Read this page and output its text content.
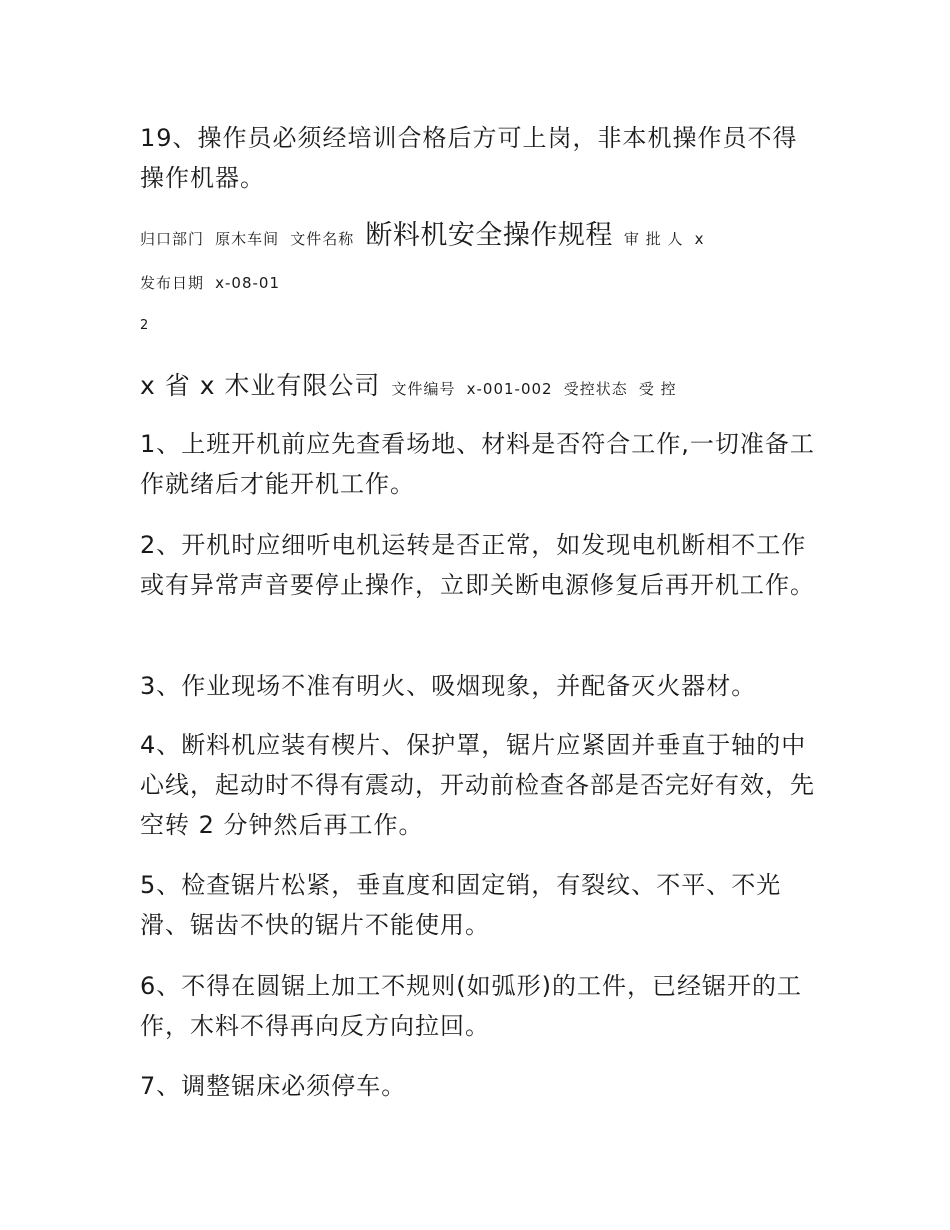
19、操作员必须经培训合格后方可上岗，非本机操作员不得操作机器。

归口部门 原木车间 文件名称 断料机安全操作规程 审 批 人 x
发布日期 x-08-01
2
x 省 x 木业有限公司 文件编号 x-001-002 受控状态 受 控

1、上班开机前应先查看场地、材料是否符合工作,一切准备工作就绪后才能开机工作。

2、开机时应细听电机运转是否正常，如发现电机断相不工作或有异常声音要停止操作，立即关断电源修复后再开机工作。

3、作业现场不准有明火、吸烟现象，并配备灭火器材。

4、断料机应装有楔片、保护罩，锯片应紧固并垂直于轴的中心线，起动时不得有震动，开动前检查各部是否完好有效，先空转 2 分钟然后再工作。

5、检查锯片松紧，垂直度和固定销，有裂纹、不平、不光滑、锯齿不快的锯片不能使用。

6、不得在圆锯上加工不规则(如弧形)的工件，已经锯开的工作，木料不得再向反方向拉回。

7、调整锯床必须停车。
